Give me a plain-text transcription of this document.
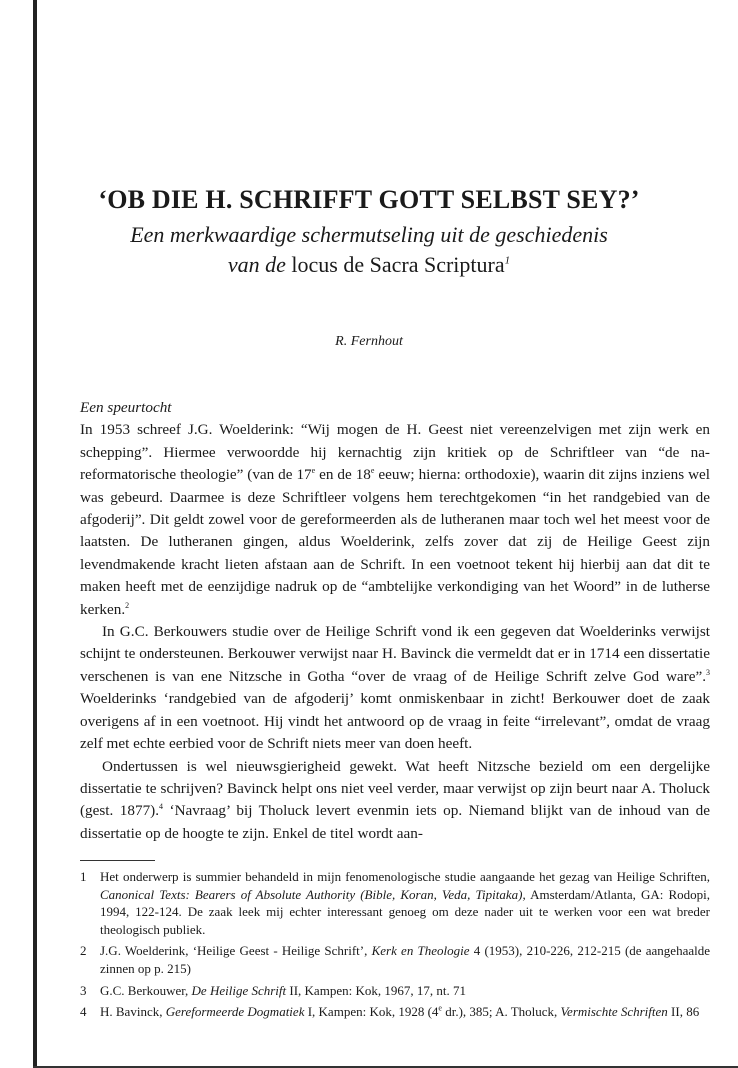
‘OB DIE H. SCHRIFFT GOTT SELBST SEY?’
Een merkwaardige schermutseling uit de geschiedenis
van de locus de Sacra Scriptura$^1$
R. Fernhout

Een speurtocht

In 1953 schreef J.G. Woelderink: “Wij mogen de H. Geest niet vereenzelvigen met zijn werk en schepping”. Hiermee verwoordde hij kernachtig zijn kritiek op de Schriftleer van “de na-reformatorische theologie” (van de 17e en de 18e eeuw; hierna: orthodoxie), waarin dit zijns inziens wel was gebeurd. Daarmee is deze Schriftleer volgens hem terechtgekomen “in het randgebied van de afgoderij”. Dit geldt zowel voor de gereformeerden als de lutheranen maar toch wel het meest voor de laatsten. De lutheranen gingen, aldus Woelderink, zelfs zover dat zij de Heilige Geest zijn levendmakende kracht lieten afstaan aan de Schrift. In een voetnoot tekent hij hierbij aan dat dit te maken heeft met de eenzijdige nadruk op de “ambtelijke verkondiging van het Woord” in de lutherse kerken.$^2$

In G.C. Berkouwers studie over de Heilige Schrift vond ik een gegeven dat Woelderinks verwijst schijnt te ondersteunen. Berkouwer verwijst naar H. Bavinck die vermeldt dat er in 1714 een dissertatie verschenen is van ene Nitzsche in Gotha “over de vraag of de Heilige Schrift zelve God ware”.$^3$ Woelderinks ‘randgebied van de afgoderij’ komt onmiskenbaar in zicht! Berkouwer doet de zaak overigens af in een voetnoot. Hij vindt het antwoord op de vraag in feite “irrelevant”, omdat de vraag zelf met echte eerbied voor de Schrift niets meer van doen heeft.

Ondertussen is wel nieuwsgierigheid gewekt. Wat heeft Nitzsche bezield om een dergelijke dissertatie te schrijven? Bavinck helpt ons niet veel verder, maar verwijst op zijn beurt naar A. Tholuck (gest. 1877).$^4$ ‘Navraag’ bij Tholuck levert evenmin iets op. Niemand blijkt van de inhoud van de dissertatie op de hoogte te zijn. Enkel de titel wordt aan-

1 Het onderwerp is summier behandeld in mijn fenomenologische studie aangaande het gezag van Heilige Schriften, Canonical Texts: Bearers of Absolute Authority (Bible, Koran, Veda, Tipitaka), Amsterdam/Atlanta, GA: Rodopi, 1994, 122-124. De zaak leek mij echter interessant genoeg om deze nader uit te werken voor een wat breder theologisch publiek.
2 J.G. Woelderink, ‘Heilige Geest - Heilige Schrift’, Kerk en Theologie 4 (1953), 210-226, 212-215 (de aangehaalde zinnen op p. 215)
3 G.C. Berkouwer, De Heilige Schrift II, Kampen: Kok, 1967, 17, nt. 71
4 H. Bavinck, Gereformeerde Dogmatiek I, Kampen: Kok, 1928 (4e dr.), 385; A. Tholuck, Vermischte Schriften II, 86
